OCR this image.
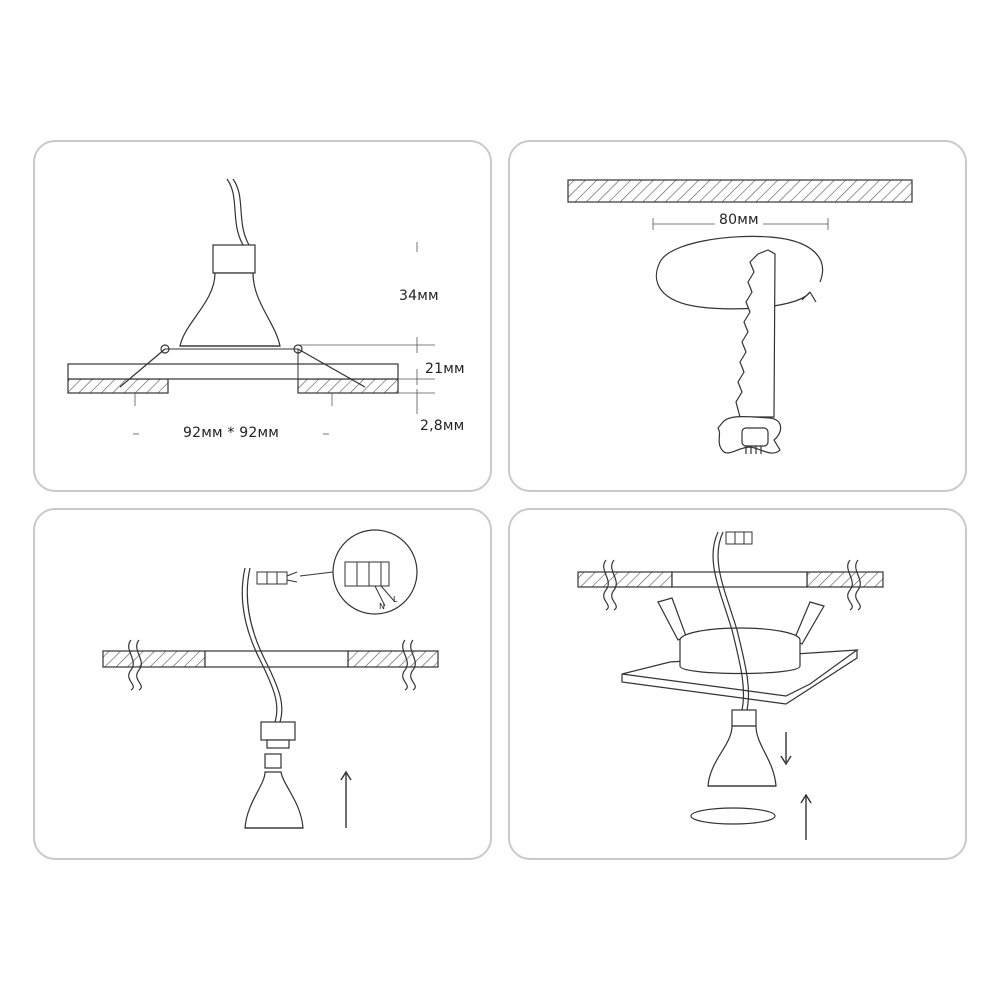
34мм
21мм
2,8мм
92мм * 92мм
80мм
L
N
